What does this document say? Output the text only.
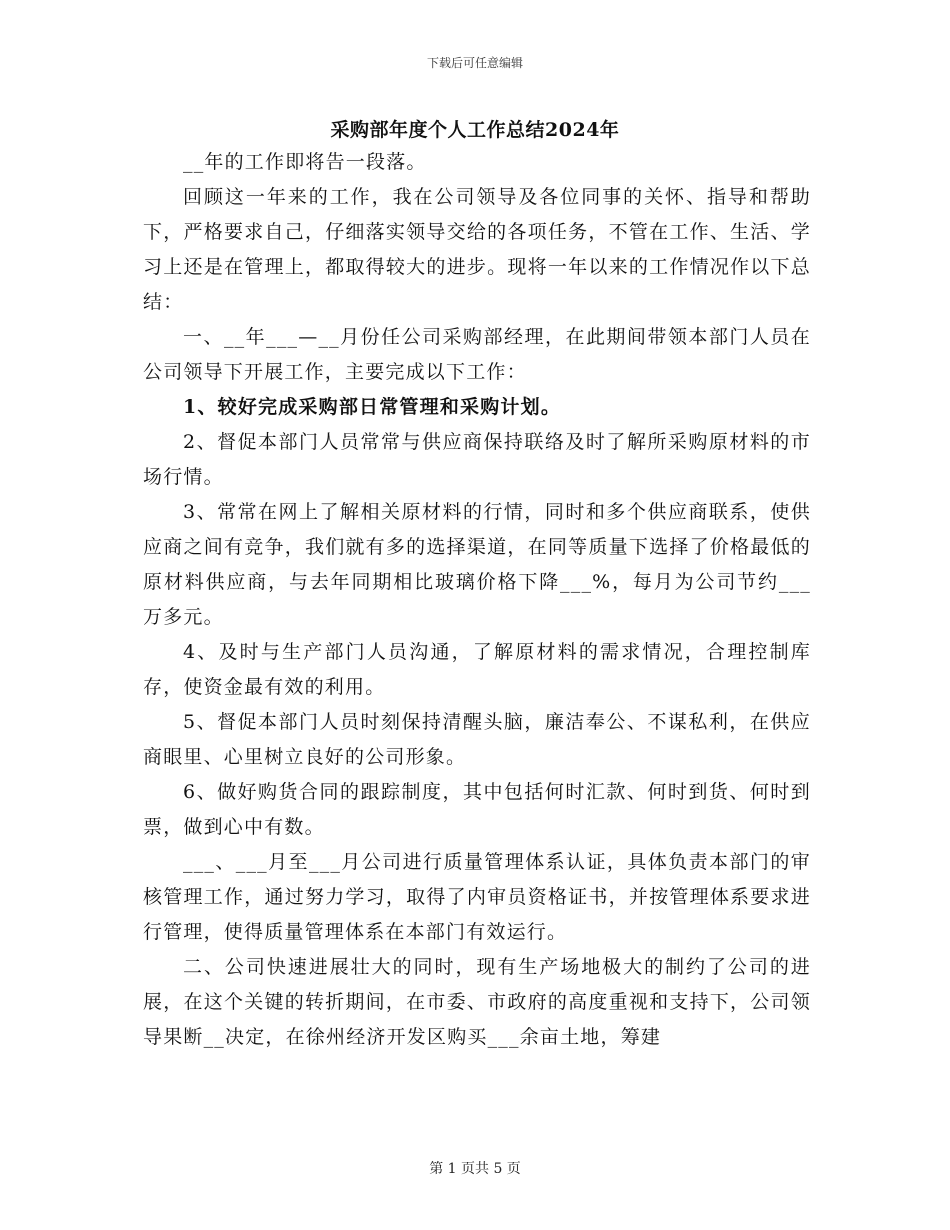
下载后可任意编辑
采购部年度个人工作总结2024年

__年的工作即将告一段落。

回顾这一年来的工作，我在公司领导及各位同事的关怀、指导和帮助下，严格要求自己，仔细落实领导交给的各项任务，不管在工作、生活、学习上还是在管理上，都取得较大的进步。现将一年以来的工作情况作以下总结：

一、__年___—__月份任公司采购部经理，在此期间带领本部门人员在公司领导下开展工作，主要完成以下工作：

1、较好完成采购部日常管理和采购计划。

2、督促本部门人员常常与供应商保持联络及时了解所采购原材料的市场行情。

3、常常在网上了解相关原材料的行情，同时和多个供应商联系，使供应商之间有竞争，我们就有多的选择渠道，在同等质量下选择了价格最低的原材料供应商，与去年同期相比玻璃价格下降___%，每月为公司节约___万多元。

4、及时与生产部门人员沟通，了解原材料的需求情况，合理控制库存，使资金最有效的利用。

5、督促本部门人员时刻保持清醒头脑，廉洁奉公、不谋私利，在供应商眼里、心里树立良好的公司形象。

6、做好购货合同的跟踪制度，其中包括何时汇款、何时到货、何时到票，做到心中有数。

___、___月至___月公司进行质量管理体系认证，具体负责本部门的审核管理工作，通过努力学习，取得了内审员资格证书，并按管理体系要求进行管理，使得质量管理体系在本部门有效运行。

二、公司快速进展壮大的同时，现有生产场地极大的制约了公司的进展，在这个关键的转折期间，在市委、市政府的高度重视和支持下，公司领导果断__决定，在徐州经济开发区购买___余亩土地，筹建

第 1 页共 5 页
